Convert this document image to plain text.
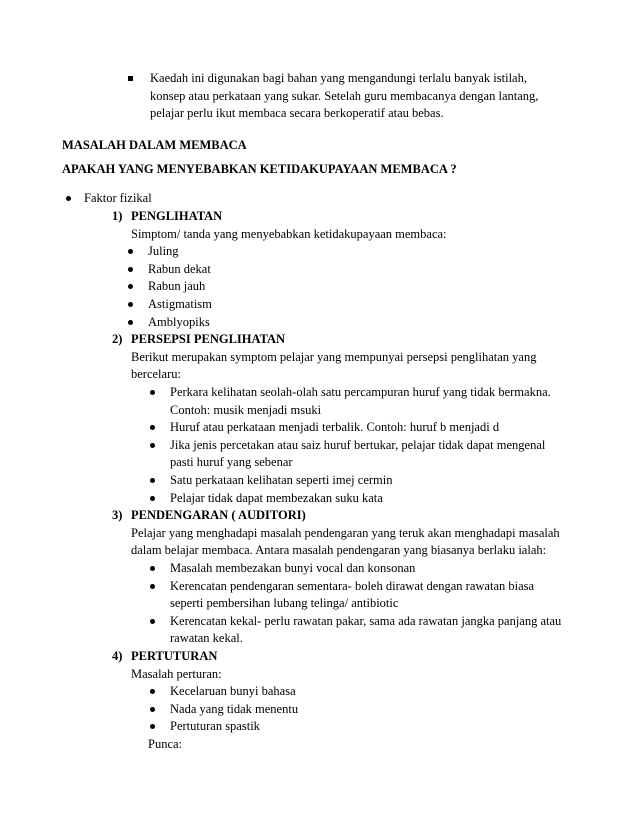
Kaedah ini digunakan bagi bahan yang mengandungi terlalu banyak istilah,
konsep atau perkataan yang sukar. Setelah guru membacanya dengan lantang,
pelajar perlu ikut membaca secara berkoperatif atau bebas.
MASALAH DALAM MEMBACA
APAKAH YANG MENYEBABKAN KETIDAKUPAYAAN MEMBACA ?
Faktor fizikal
1) PENGLIHATAN
Simptom/ tanda yang menyebabkan ketidakupayaan membaca:
Juling
Rabun dekat
Rabun jauh
Astigmatism
Amblyopiks
2) PERSEPSI PENGLIHATAN
Berikut merupakan symptom pelajar yang mempunyai persepsi penglihatan yang
bercelaru:
Perkara kelihatan seolah-olah satu percampuran huruf yang tidak bermakna.
Contoh: musik menjadi msuki
Huruf atau perkataan menjadi terbalik. Contoh: huruf b menjadi d
Jika jenis percetakan atau saiz huruf bertukar, pelajar tidak dapat mengenal
pasti huruf yang sebenar
Satu perkataan kelihatan seperti imej cermin
Pelajar tidak dapat membezakan suku kata
3) PENDENGARAN ( AUDITORI)
Pelajar yang menghadapi masalah pendengaran yang teruk akan menghadapi masalah
dalam belajar membaca. Antara masalah pendengaran yang biasanya berlaku ialah:
Masalah membezakan bunyi vocal dan konsonan
Kerencatan pendengaran sementara- boleh dirawat dengan rawatan biasa
seperti pembersihan lubang telinga/ antibiotic
Kerencatan kekal- perlu rawatan pakar, sama ada rawatan jangka panjang atau
rawatan kekal.
4) PERTUTURAN
Masalah perturan:
Kecelaruan bunyi bahasa
Nada yang tidak menentu
Pertuturan spastik
Punca:
